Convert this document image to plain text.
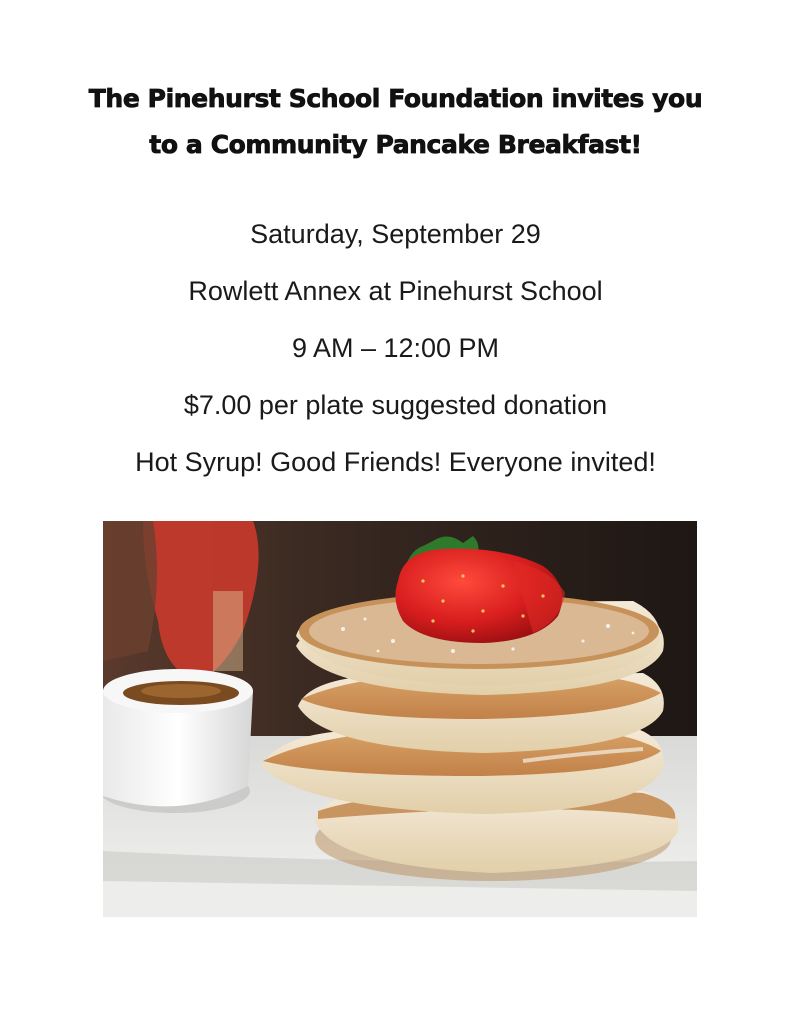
The Pinehurst School Foundation invites you
to a Community Pancake Breakfast!
Saturday, September 29
Rowlett Annex at Pinehurst School
9 AM – 12:00 PM
$7.00 per plate suggested donation
Hot Syrup! Good Friends! Everyone invited!
